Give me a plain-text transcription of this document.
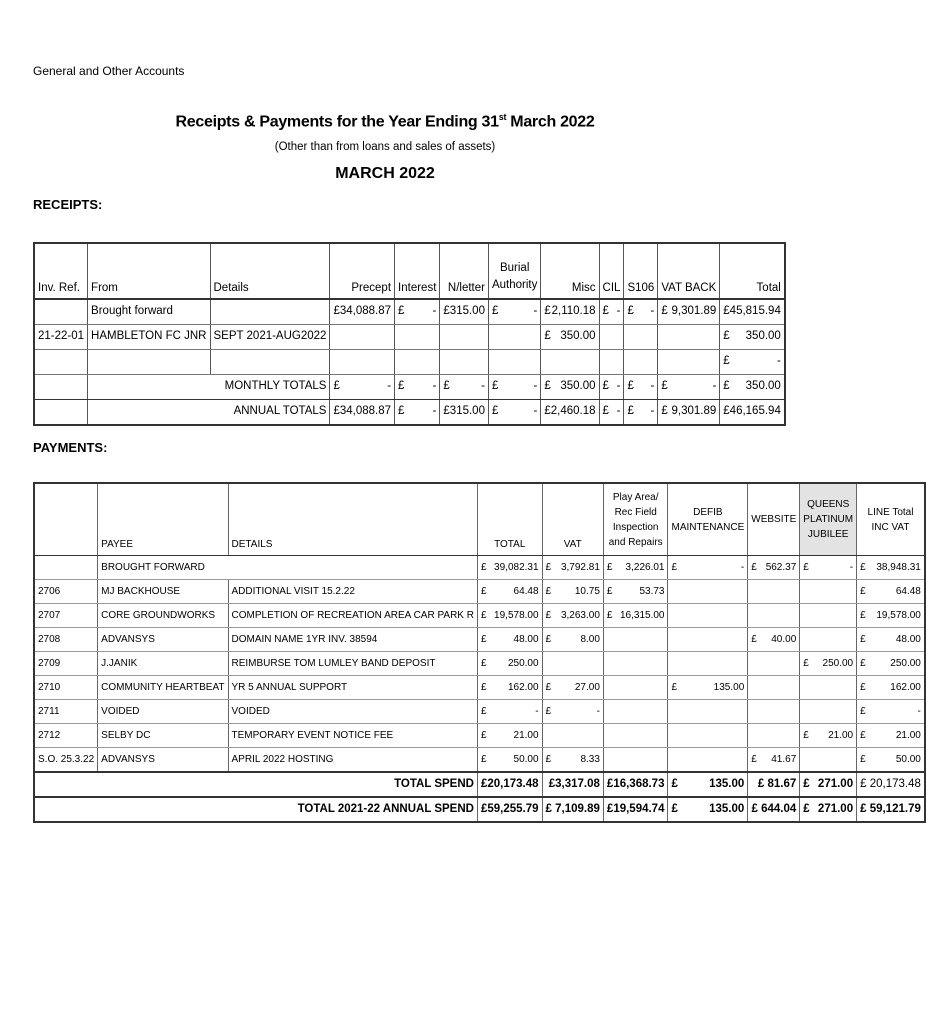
General and Other Accounts
Receipts & Payments for the Year Ending 31st March 2022
(Other than from loans and sales of assets)
MARCH 2022
RECEIPTS:
Inv. Ref.	From	Details	Precept	Interest	N/letter	Burial Authority	Misc	CIL	S106	VAT BACK	Total
	Brought forward		£ 34,088.87	£ -	£ 315.00	£ -	£ 2,110.18	£ -	£ -	£ 9,301.89	£45,815.94
21-22-01	HAMBLETON FC JNR	SEPT 2021-AUG2022					£ 350.00				£ 350.00

											£ -

	MONTHLY TOTALS		£ -	£ -	£ -	£ -	£ 350.00	£ -	£ -	£ -	£ 350.00

	ANNUAL TOTALS		£ 34,088.87	£ -	£ 315.00	£ -	£ 2,460.18	£ -	£ -	£ 9,301.89	£46,165.94
PAYMENTS:
	PAYEE	DETAILS	TOTAL	VAT	Play Area/ Rec Field Inspection and Repairs	DEFIB MAINTENANCE	WEBSITE	QUEENS PLATINUM JUBILEE	LINE Total INC VAT
	BROUGHT FORWARD		£ 39,082.31	£ 3,792.81	£ 3,226.01	£ -	£ 562.37	£ -	£ 38,948.31

2706	MJ BACKHOUSE	ADDITIONAL VISIT 15.2.22	£ 64.48	£ 10.75	£ 53.73				£ 64.48

2707	CORE GROUNDWORKS	COMPLETION OF RECREATION AREA CAR PARK R	£ 19,578.00	£ 3,263.00	£ 16,315.00				£ 19,578.00

2708	ADVANSYS	DOMAIN NAME 1YR INV. 38594	£ 48.00	£ 8.00			£ 40.00		£ 48.00

2709	J.JANIK	REIMBURSE TOM LUMLEY BAND DEPOSIT	£ 250.00					£ 250.00	£ 250.00

2710	COMMUNITY HEARTBEAT	YR 5 ANNUAL SUPPORT	£ 162.00	£ 27.00		£ 135.00			£ 162.00

2711	VOIDED	VOIDED	£ -	£ -					£ -

2712	SELBY DC	TEMPORARY EVENT NOTICE FEE	£ 21.00					£ 21.00	£ 21.00

S.O. 25.3.22	ADVANSYS	APRIL 2022 HOSTING	£ 50.00	£ 8.33			£ 41.67		£ 50.00

TOTAL SPEND			£ 20,173.48	£3,317.08	£ 16,368.73	£ 135.00	£ 81.67	£ 271.00	£ 20,173.48

TOTAL 2021-22 ANNUAL SPEND			£ 59,255.79	£ 7,109.89	£ 19,594.74	£ 135.00	£ 644.04	£ 271.00	£ 59,121.79
